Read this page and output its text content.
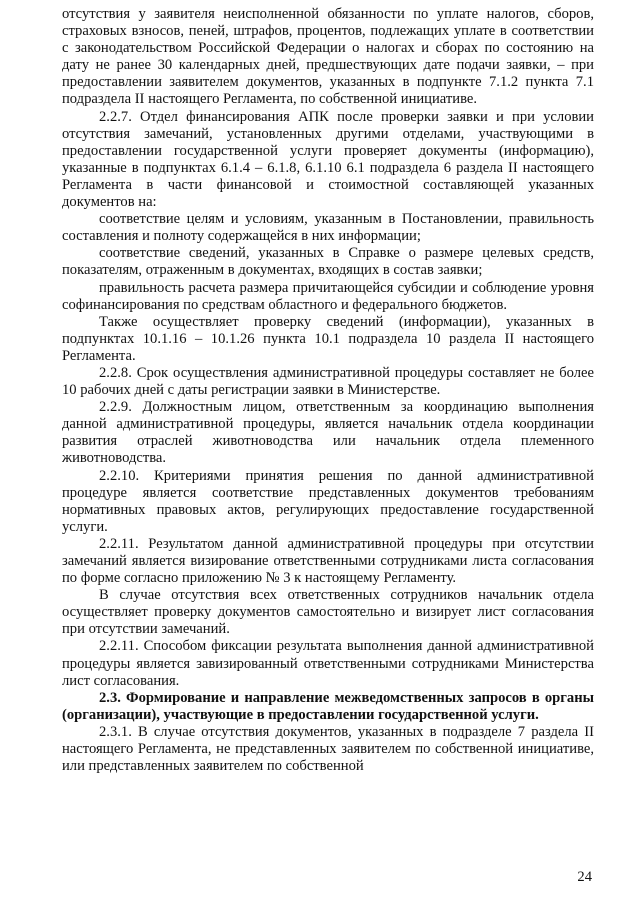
отсутствия у заявителя неисполненной обязанности по уплате налогов, сборов, страховых взносов, пеней, штрафов, процентов, подлежащих уплате в соответствии с законодательством Российской Федерации о налогах и сборах по состоянию на дату не ранее 30 календарных дней, предшествующих дате подачи заявки, – при предоставлении заявителем документов, указанных в подпункте 7.1.2 пункта 7.1 подраздела II настоящего Регламента, по собственной инициативе.

2.2.7. Отдел финансирования АПК после проверки заявки и при условии отсутствия замечаний, установленных другими отделами, участвующими в предоставлении государственной услуги проверяет документы (информацию), указанные в подпунктах 6.1.4 – 6.1.8, 6.1.10 6.1 подраздела 6 раздела II настоящего Регламента в части финансовой и стоимостной составляющей указанных документов на:

соответствие целям и условиям, указанным в Постановлении, правильность составления и полноту содержащейся в них информации;

соответствие сведений, указанных в Справке о размере целевых средств, показателям, отраженным в документах, входящих в состав заявки;

правильность расчета размера причитающейся субсидии и соблюдение уровня софинансирования по средствам областного и федерального бюджетов.

Также осуществляет проверку сведений (информации), указанных в подпунктах 10.1.16 – 10.1.26 пункта 10.1 подраздела 10 раздела II настоящего Регламента.

2.2.8. Срок осуществления административной процедуры составляет не более 10 рабочих дней с даты регистрации заявки в Министерстве.

2.2.9. Должностным лицом, ответственным за координацию выполнения данной административной процедуры, является начальник отдела координации развития отраслей животноводства или начальник отдела племенного животноводства.

2.2.10. Критериями принятия решения по данной административной процедуре является соответствие представленных документов требованиям нормативных правовых актов, регулирующих предоставление государственной услуги.

2.2.11. Результатом данной административной процедуры при отсутствии замечаний является визирование ответственными сотрудниками листа согласования по форме согласно приложению № 3 к настоящему Регламенту.

В случае отсутствия всех ответственных сотрудников начальник отдела осуществляет проверку документов самостоятельно и визирует лист согласования при отсутствии замечаний.

2.2.11. Способом фиксации результата выполнения данной административной процедуры является завизированный ответственными сотрудниками Министерства лист согласования.

2.3. Формирование и направление межведомственных запросов в органы (организации), участвующие в предоставлении государственной услуги.

2.3.1. В случае отсутствия документов, указанных в подразделе 7 раздела II настоящего Регламента, не представленных заявителем по собственной инициативе, или представленных заявителем по собственной

24
